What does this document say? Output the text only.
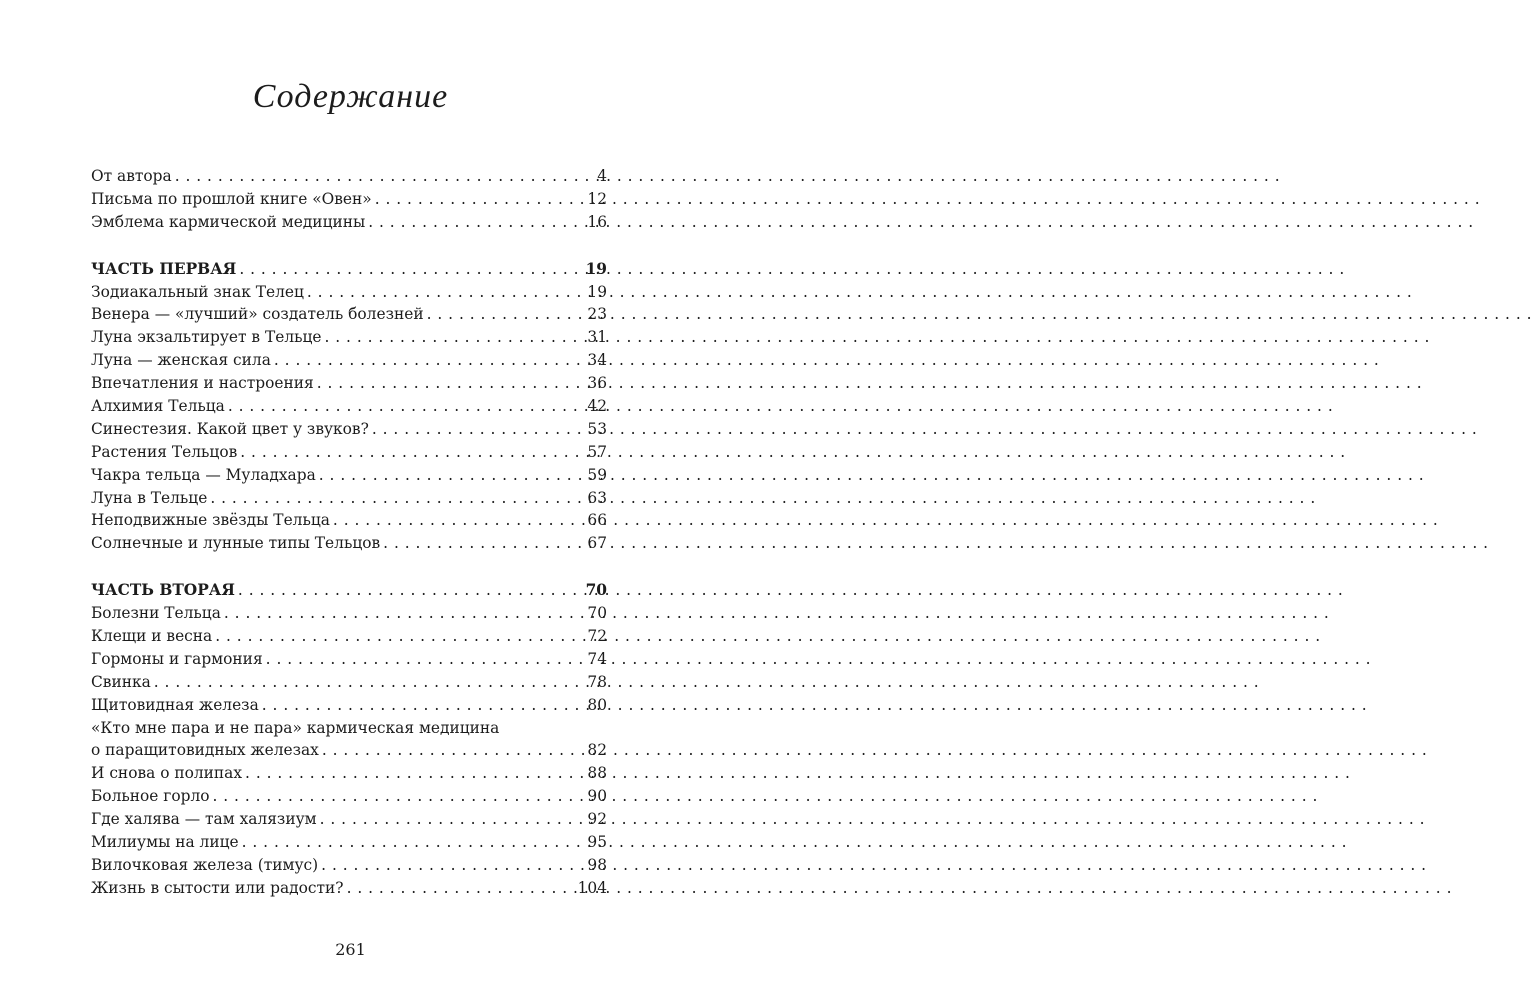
Содержание
От автора . . .	4
Письма по прошлой книге «Овен» . . .	12
Эмблема кармической медицины . . .	16
ЧАСТЬ ПЕРВАЯ . . .	19
Зодиакальный знак Телец . . .	19
Венера — «лучший» создатель болезней . . .	23
Луна экзальтирует в Тельце . . .	31
Луна — женская сила . . .	34
Впечатления и настроения . . .	36
Алхимия Тельца . . .	42
Синестезия. Какой цвет у звуков? . . .	53
Растения Тельцов . . .	57
Чакра тельца — Муладхара . . .	59
Луна в Тельце . . .	63
Неподвижные звёзды Тельца . . .	66
Солнечные и лунные типы Тельцов . . .	67
ЧАСТЬ ВТОРАЯ . . .	70
Болезни Тельца . . .	70
Клещи и весна . . .	72
Гормоны и гармония . . .	74
Свинка . . .	78
Щитовидная железа . . .	80
«Кто мне пара и не пара» кармическая медицина
о паращитовидных железах . . .	82
И снова о полипах . . .	88
Больное горло . . .	90
Где халява — там халязиум . . .	92
Милиумы на лице . . .	95
Вилочковая железа (тимус) . . .	98
Жизнь в сытости или радости? . . .	104
261
